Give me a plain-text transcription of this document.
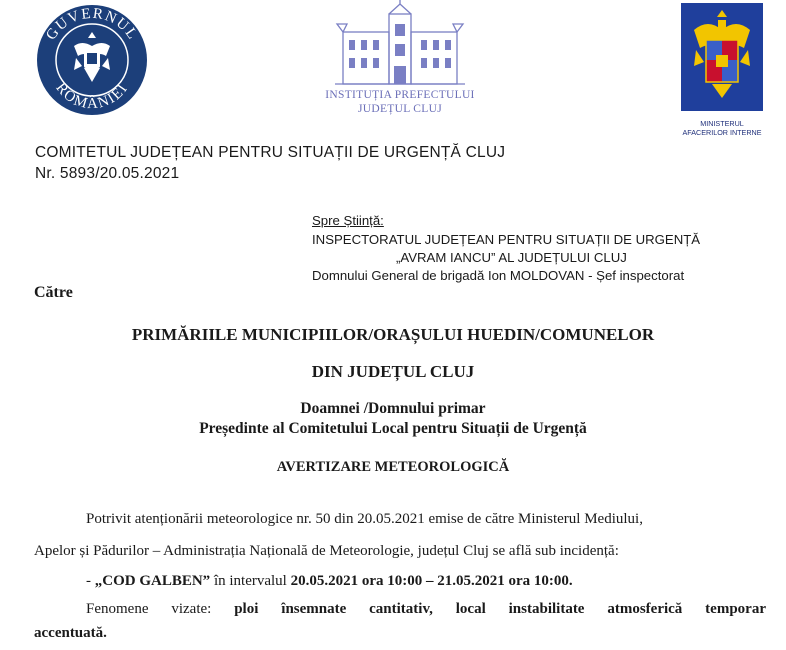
GUVERNUL
ROMÂNIEI	INSTITUȚIA PREFECTULUI
JUDEȚUL CLUJ
MINISTERUL
AFACERILOR INTERNE
COMITETUL JUDEȚEAN PENTRU SITUAȚII DE URGENȚĂ CLUJ
Nr. 5893/20.05.2021
Spre Știință:
INSPECTORATUL JUDEȚEAN PENTRU SITUAȚII DE URGENȚĂ
„AVRAM IANCU” AL JUDEȚULUI CLUJ
Domnului General de brigadă Ion MOLDOVAN - Șef inspectorat
Către
PRIMĂRIILE MUNICIPIILOR/ORAȘULUI HUEDIN/COMUNELOR
DIN JUDEȚUL CLUJ
Doamnei /Domnului primar
Președinte al Comitetului Local pentru Situații de Urgență
AVERTIZARE METEOROLOGICĂ
Potrivit atenționării meteorologice nr. 50 din 20.05.2021 emise de către Ministerul Mediului,
Apelor și Pădurilor – Administrația Națională de Meteorologie, județul Cluj se află sub incidență:
- „COD GALBEN” în intervalul 20.05.2021 ora 10:00 – 21.05.2021 ora 10:00.
Fenomene vizate: ploi însemnate cantitativ, local instabilitate atmosferică temporar
accentuată.
